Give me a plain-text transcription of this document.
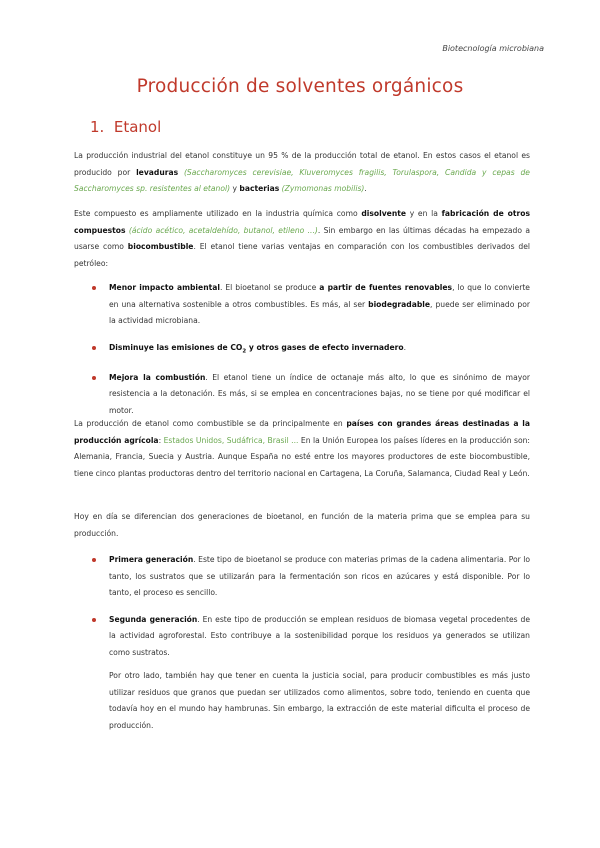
Biotecnología microbiana
Producción de solventes orgánicos
1. Etanol

La producción industrial del etanol constituye un 95 % de la producción total de etanol. En estos casos el etanol es producido por levaduras (Saccharomyces cerevisiae, Kluveromyces fragilis, Torulaspora, Candida y cepas de Saccharomyces sp. resistentes al etanol) y bacterias (Zymomonas mobilis).

Este compuesto es ampliamente utilizado en la industria química como disolvente y en la fabricación de otros compuestos (ácido acético, acetaldehído, butanol, etileno ...). Sin embargo en las últimas décadas ha empezado a usarse como biocombustible. El etanol tiene varias ventajas en comparación con los combustibles derivados del petróleo:

Menor impacto ambiental. El bioetanol se produce a partir de fuentes renovables, lo que lo convierte en una alternativa sostenible a otros combustibles. Es más, al ser biodegradable, puede ser eliminado por la actividad microbiana.
Disminuye las emisiones de $CO_2$ y otros gases de efecto invernadero.
Mejora la combustión. El etanol tiene un índice de octanaje más alto, lo que es sinónimo de mayor resistencia a la detonación. Es más, si se emplea en concentraciones bajas, no se tiene por qué modificar el motor.

La producción de etanol como combustible se da principalmente en países con grandes áreas destinadas a la producción agrícola: Estados Unidos, Sudáfrica, Brasil ... En la Unión Europea los países líderes en la producción son: Alemania, Francia, Suecia y Austria. Aunque España no esté entre los mayores productores de este biocombustible, tiene cinco plantas productoras dentro del territorio nacional en Cartagena, La Coruña, Salamanca, Ciudad Real y León.

Hoy en día se diferencian dos generaciones de bioetanol, en función de la materia prima que se emplea para su producción.

Primera generación. Este tipo de bioetanol se produce con materias primas de la cadena alimentaria. Por lo tanto, los sustratos que se utilizarán para la fermentación son ricos en azúcares y está disponible. Por lo tanto, el proceso es sencillo.
Segunda generación. En este tipo de producción se emplean residuos de biomasa vegetal procedentes de la actividad agroforestal. Esto contribuye a la sostenibilidad porque los residuos ya generados se utilizan como sustratos.

Por otro lado, también hay que tener en cuenta la justicia social, para producir combustibles es más justo utilizar residuos que granos que puedan ser utilizados como alimentos, sobre todo, teniendo en cuenta que todavía hoy en el mundo hay hambrunas. Sin embargo, la extracción de este material dificulta el proceso de producción.
